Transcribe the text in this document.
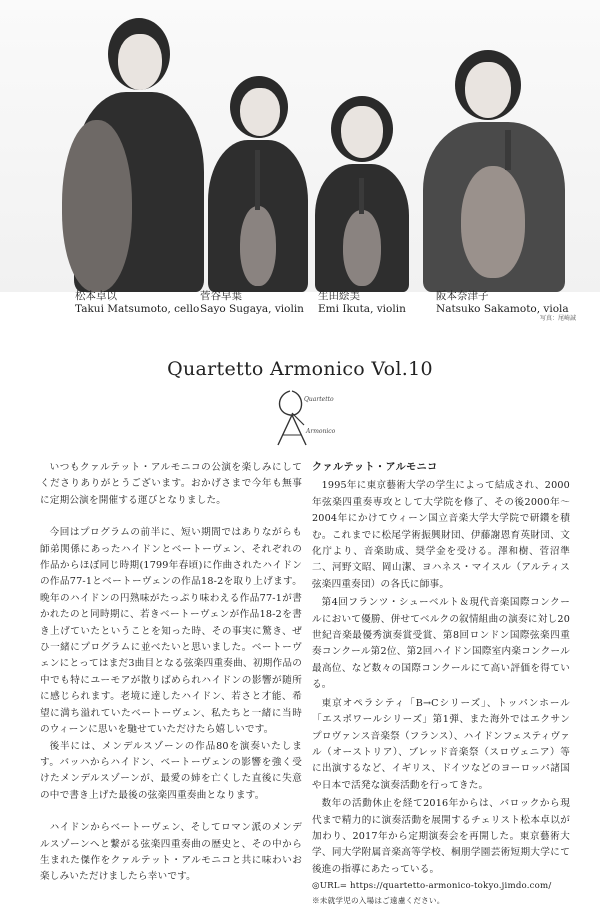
松本卓以
Takui Matsumoto, cello
菅谷早葉
Sayo Sugaya, violin
生田絵美
Emi Ikuta, violin
阪本奈津子
Natsuko Sakamoto, viola
写真：尾崎誠
Quartetto Armonico Vol.10
Quartetto
Armonico

いつもクァルテット・アルモニコの公演を楽しみにしてくださりありがとうございます。おかげさまで今年も無事に定期公演を開催する運びとなりました。

今回はプログラムの前半に、短い期間ではありながらも師弟関係にあったハイドンとベートーヴェン、それぞれの作品からほぼ同じ時期(1799年春頃)に作曲されたハイドンの作品77-1とベートーヴェンの作品18-2を取り上げます。晩年のハイドンの円熟味がたっぷり味わえる作品77-1が書かれたのと同時期に、若きベートーヴェンが作品18-2を書き上げていたということを知った時、その事実に驚き、ぜひ一緒にプログラムに並べたいと思いました。ベートーヴェンにとってはまだ3曲目となる弦楽四重奏曲、初期作品の中でも特にユーモアが散りばめられハイドンの影響が随所に感じられます。老境に達したハイドン、若さと才能、希望に満ち溢れていたベートーヴェン、私たちと一緒に当時のウィーンに思いを馳せていただけたら嬉しいです。

後半には、メンデルスゾーンの作品80を演奏いたします。バッハからハイドン、ベートーヴェンの影響を強く受けたメンデルスゾーンが、最愛の姉を亡くした直後に失意の中で書き上げた最後の弦楽四重奏曲となります。

ハイドンからベートーヴェン、そしてロマン派のメンデルスゾーンへと繋がる弦楽四重奏曲の歴史と、その中から生まれた傑作をクァルテット・アルモニコと共に味わいお楽しみいただけましたら幸いです。

クァルテット・アルモニコ

1995年に東京藝術大学の学生によって結成され、2000年弦楽四重奏専攻として大学院を修了、その後2000年〜2004年にかけてウィーン国立音楽大学大学院で研鑽を積む。これまでに松尾学術振興財団、伊藤謝恩育英財団、文化庁より、音楽助成、奨学金を受ける。澤和樹、菅沼準二、河野文昭、岡山潔、ヨハネス・マイスル（アルティス弦楽四重奏団）の各氏に師事。

第4回フランツ・シューベルト＆現代音楽国際コンクールにおいて優勝、併せてベルクの叙情組曲の演奏に対し20世紀音楽最優秀演奏賞受賞、第8回ロンドン国際弦楽四重奏コンクール第2位、第2回ハイドン国際室内楽コンクール最高位、など数々の国際コンクールにて高い評価を得ている。

東京オペラシティ「B→Cシリーズ」、トッパンホール「エスポワールシリーズ」第1弾、また海外ではエクサンプロヴァンス音楽祭（フランス）、ハイドンフェスティヴァル（オーストリア）、ブレッド音楽祭（スロヴェニア）等に出演するなど、イギリス、ドイツなどのヨーロッパ諸国や日本で活発な演奏活動を行ってきた。

数年の活動休止を経て2016年からは、バロックから現代まで精力的に演奏活動を展開するチェリスト松本卓以が加わり、2017年から定期演奏会を再開した。東京藝術大学、同大学附属音楽高等学校、桐朋学園芸術短期大学にて後進の指導にあたっている。

◎URL= https://quartetto-armonico-tokyo.jimdo.com/

※未就学児の入場はご遠慮ください。
